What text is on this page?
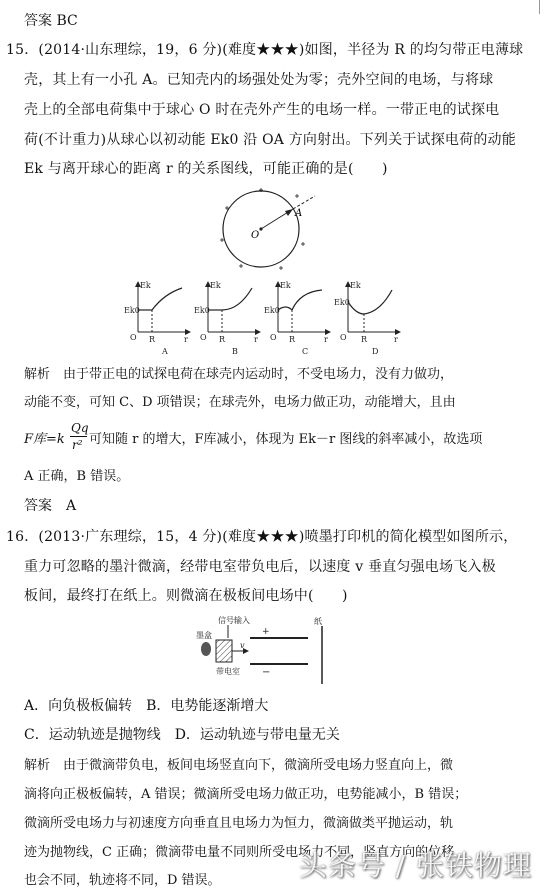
答案 BC
15．(2014·山东理综，19，6 分)(难度★★★)如图，半径为 R 的均匀带正电薄球
壳，其上有一小孔 A。已知壳内的场强处处为零；壳外空间的电场，与将球
壳上的全部电荷集中于球心 O 时在壳外产生的电场一样。一带正电的试探电
荷(不计重力)从球心以初动能 Ek0 沿 OA 方向射出。下列关于试探电荷的动能
Ek 与离开球心的距离 r 的关系图线，可能正确的是(　　)
O
A
Ek
Ek0
O R	r
Ek
Ek0
O R	r
Ek
Ek0
O R	r
Ek
Ek0
O R	r
A	B	C	D
解析　由于带正电的试探电荷在球壳内运动时，不受电场力，没有力做功，
动能不变，可知 C、D 项错误；在球壳外，电场力做正功，动能增大，且由
F库=k
Qq
r² 可知随 r 的增大，F库减小，体现为 Ek－r 图线的斜率减小，故选项
A 正确，B 错误。
答案　A
16．(2013·广东理综，15，4 分)(难度★★★)喷墨打印机的简化模型如图所示，
重力可忽略的墨汁微滴，经带电室带负电后，以速度 v 垂直匀强电场飞入极
板间，最终打在纸上。则微滴在极板间电场中(　　)
信号输入
墨盒
带电室
v
+
−
纸
A．向负极板偏转　B．电势能逐渐增大
C．运动轨迹是抛物线　D．运动轨迹与带电量无关
解析　由于微滴带负电，板间电场竖直向下，微滴所受电场力竖直向上，微
滴将向正极板偏转，A 错误；微滴所受电场力做正功，电势能减小，B 错误；
微滴所受电场力与初速度方向垂直且电场力为恒力，微滴做类平抛运动，轨
迹为抛物线，C 正确；微滴带电量不同则所受电场力不同，竖直方向的位移
也会不同，轨迹将不同，D 错误。	头条号 / 张铁物理
